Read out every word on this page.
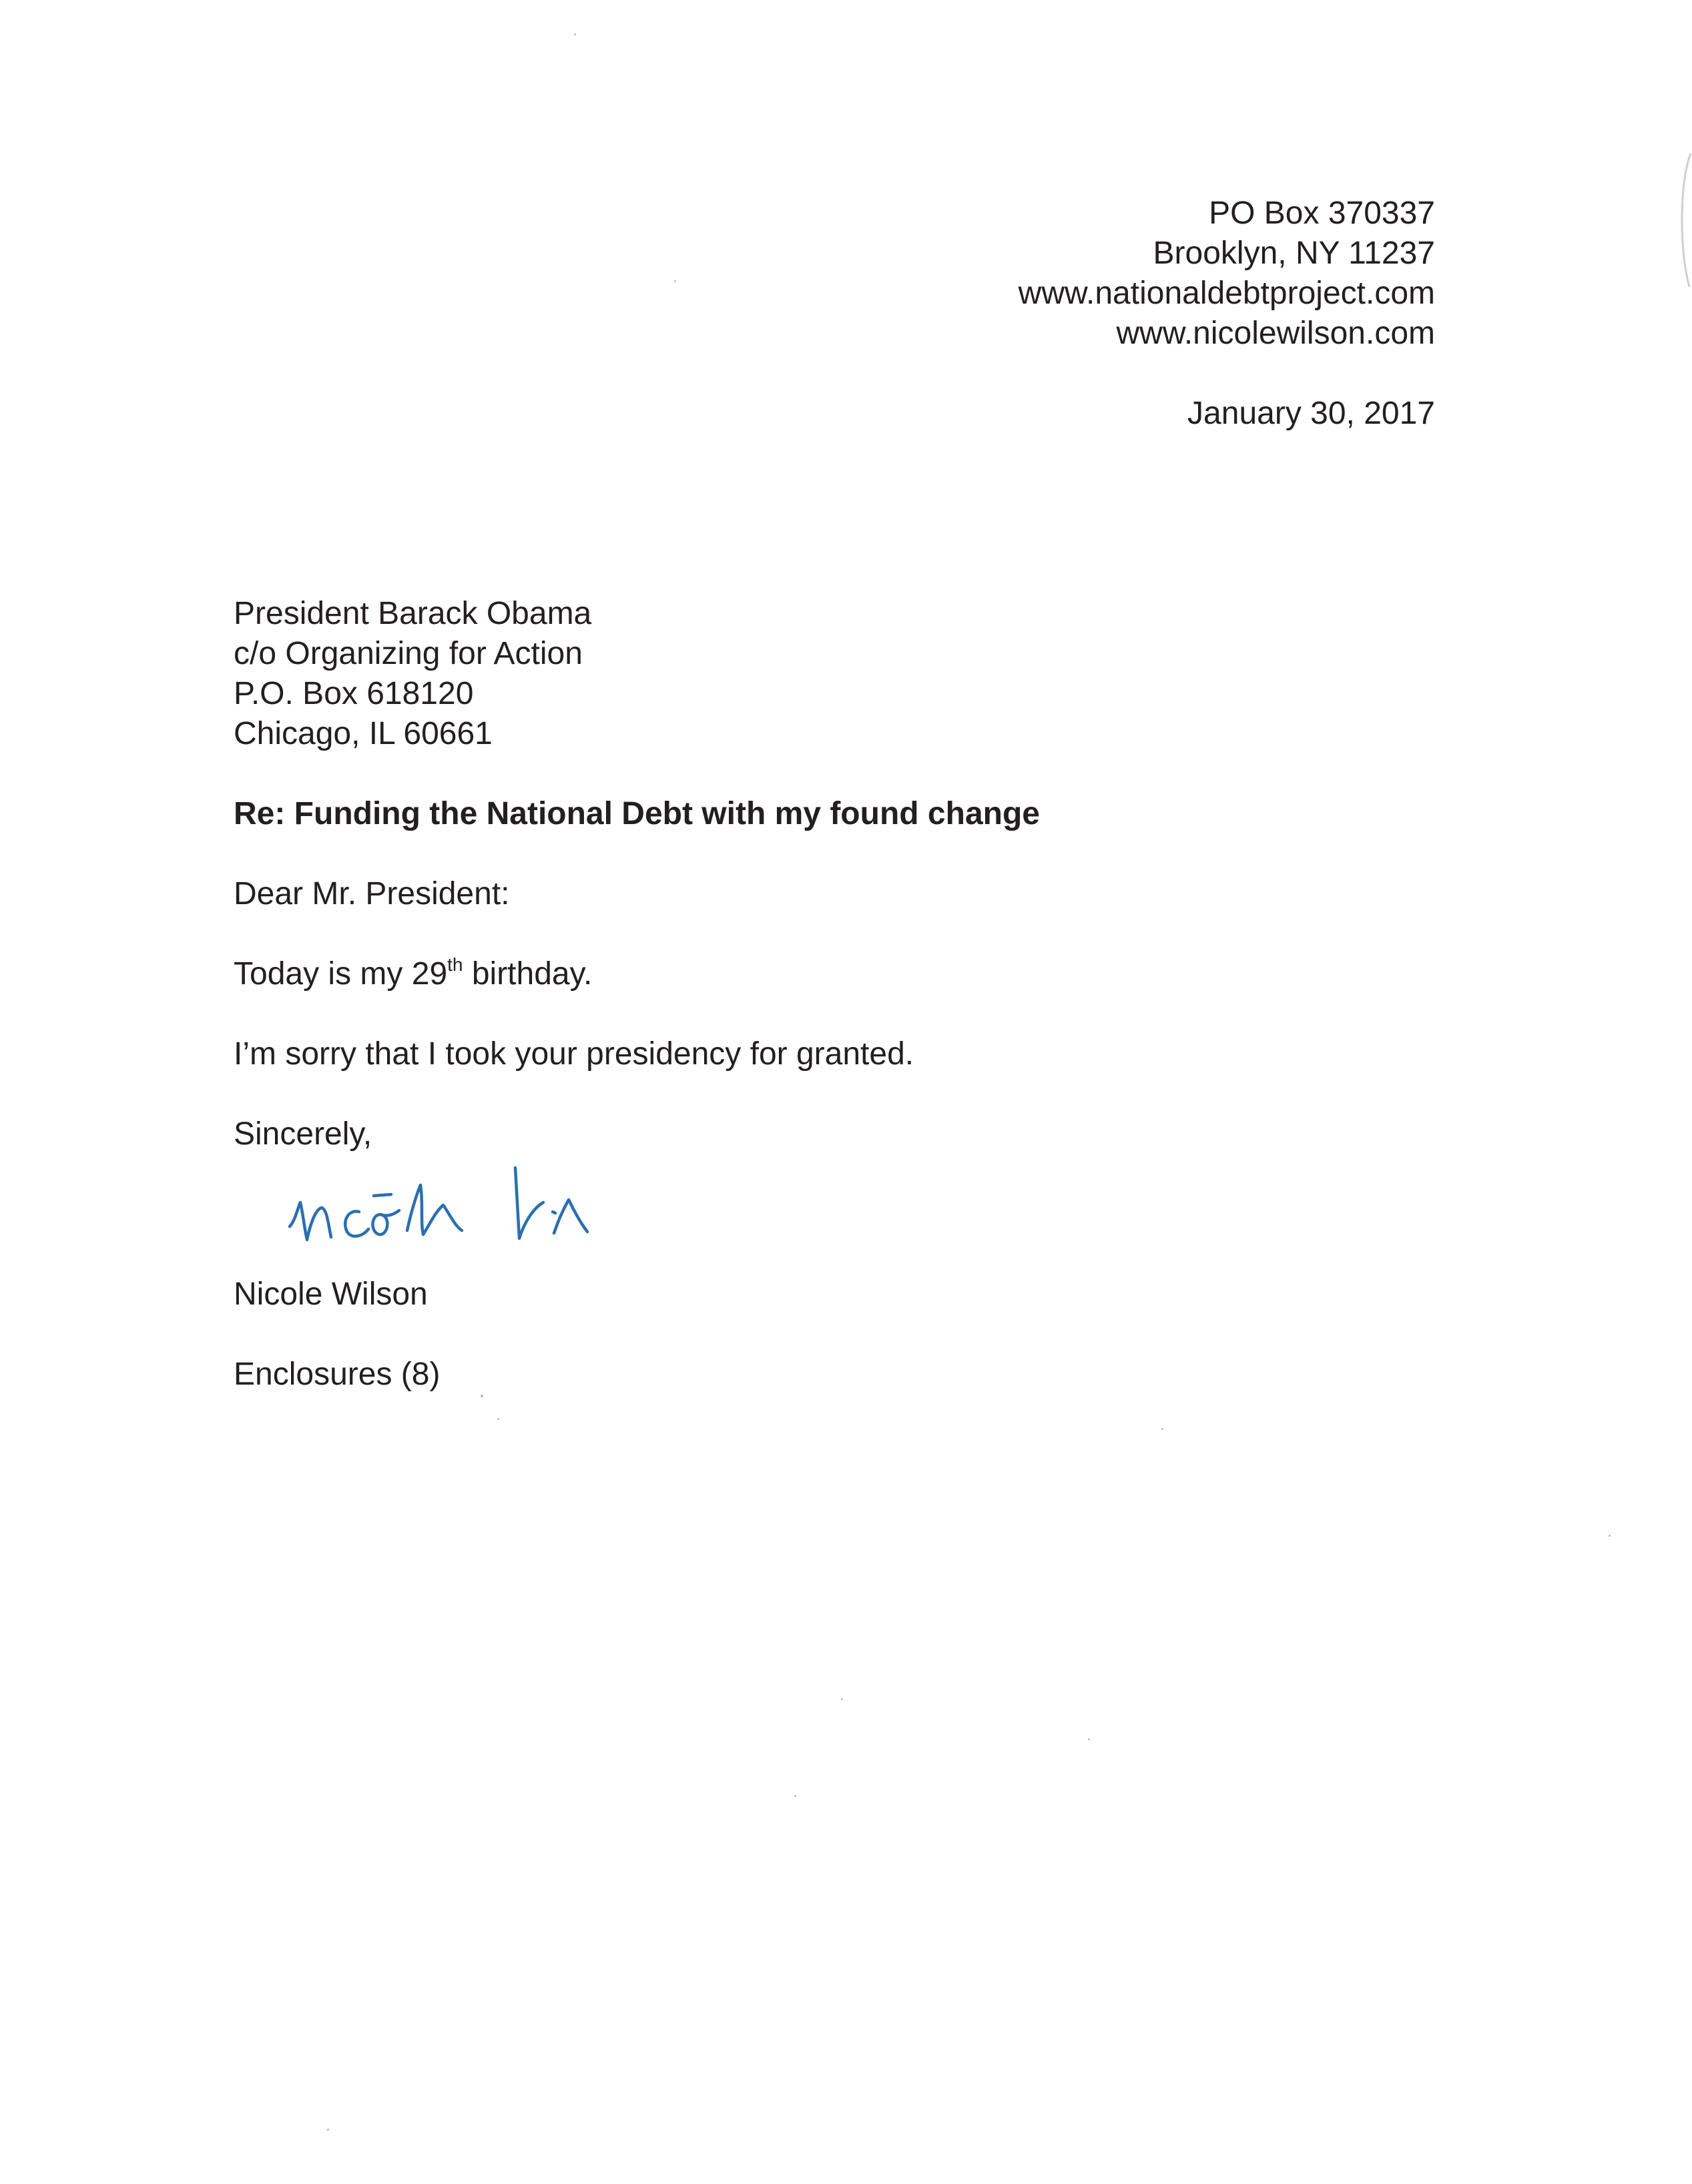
PO Box 370337
Brooklyn, NY 11237
www.nationaldebtproject.com
www.nicolewilson.com
January 30, 2017
President Barack Obama
c/o Organizing for Action
P.O. Box 618120
Chicago, IL 60661
Re: Funding the National Debt with my found change
Dear Mr. President:
Today is my 29th birthday.
I’m sorry that I took your presidency for granted.
Sincerely,
Nicole Wilson
Enclosures (8)
